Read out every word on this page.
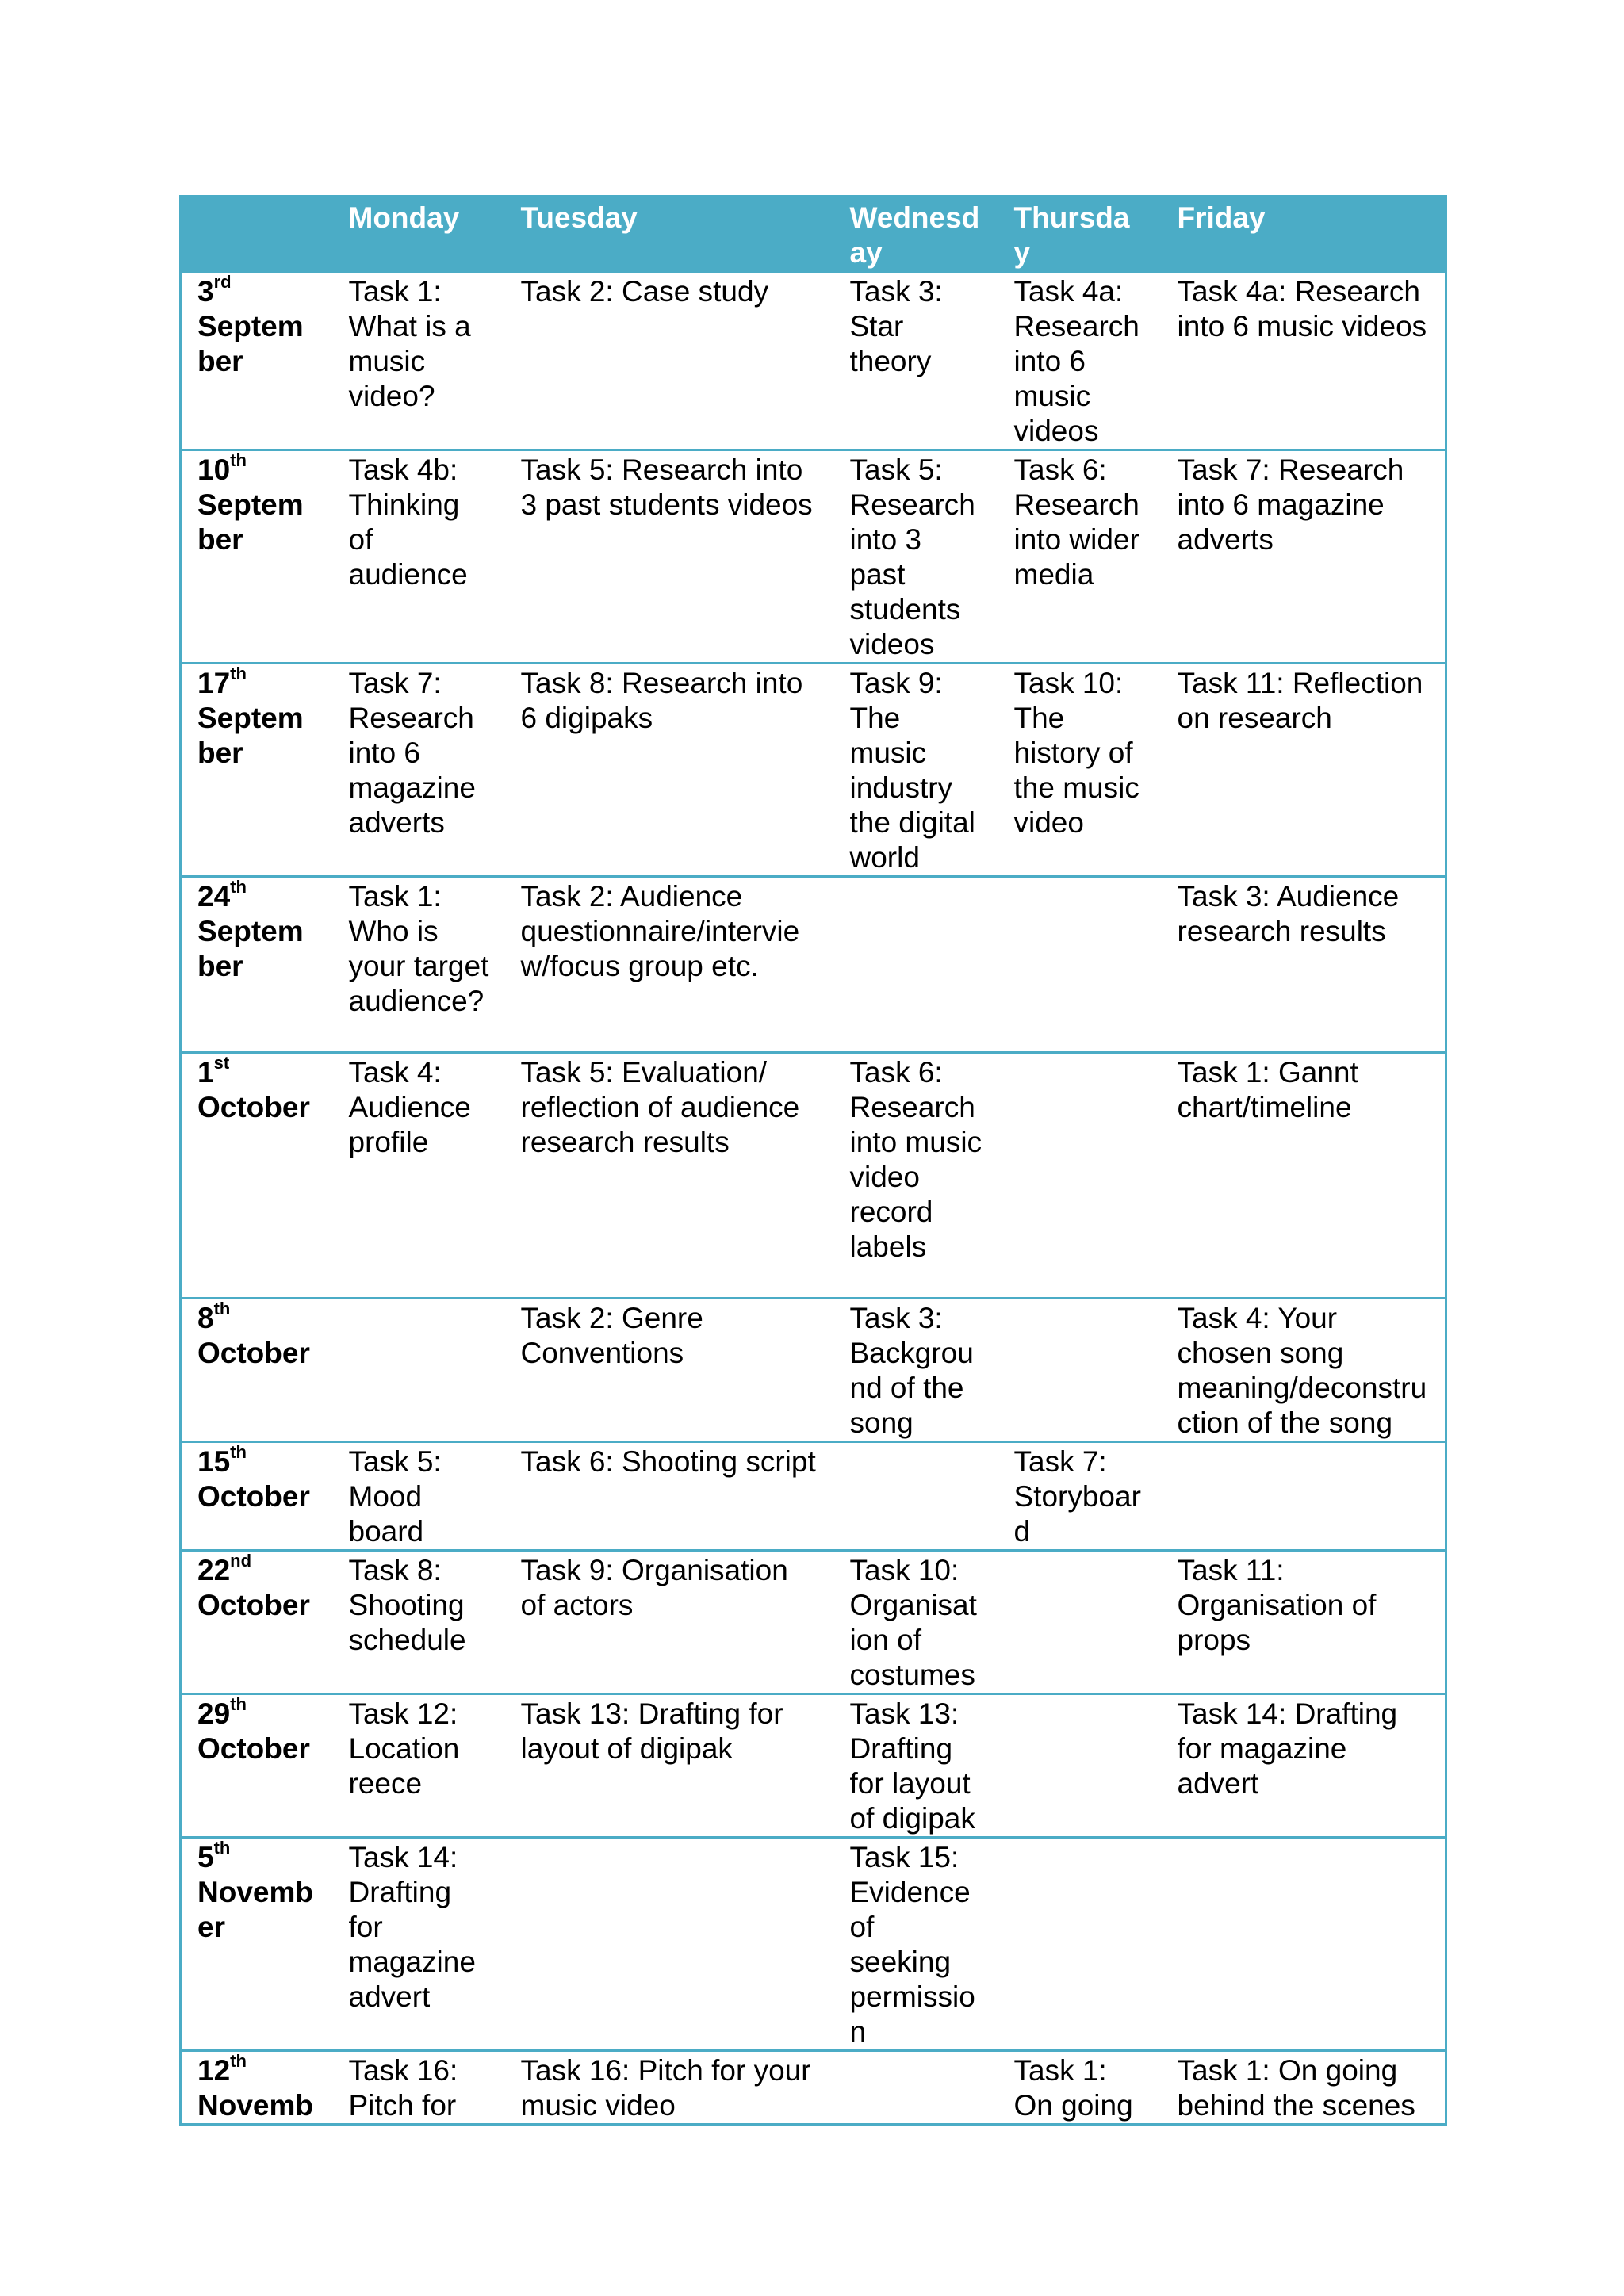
	Monday	Tuesday	Wednesday	Thursday	Friday
3rd
September	Task 1: What is a music video?	Task 2: Case study	Task 3: Star theory	Task 4a: Research into 6 music videos	Task 4a: Research into 6 music videos
10th
September	Task 4b: Thinking of audience	Task 5: Research into 3 past students videos	Task 5: Research into 3 past students videos	Task 6: Research into wider media	Task 7: Research into 6 magazine adverts
17th
September	Task 7: Research into 6 magazine adverts	Task 8: Research into 6 digipaks	Task 9: The music industry the digital world	Task 10: The history of the music video	Task 11: Reflection on research
24th
September	Task 1: Who is your target audience?	Task 2: Audience questionnaire/interview/focus group etc.			Task 3: Audience research results
1st
October	Task 4: Audience profile	Task 5: Evaluation/ reflection of audience research results	Task 6: Research into music video record labels		Task 1: Gannt chart/timeline
8th
October		Task 2: Genre Conventions	Task 3: Background of the song		Task 4: Your chosen song meaning/deconstruction of the song
15th
October	Task 5: Mood board	Task 6: Shooting script		Task 7: Storyboard	
22nd
October	Task 8: Shooting schedule	Task 9: Organisation of actors	Task 10: Organisation of costumes		Task 11: Organisation of props
29th
October	Task 12: Location reece	Task 13: Drafting for layout of digipak	Task 13: Drafting for layout of digipak		Task 14: Drafting for magazine advert
5th
November	Task 14: Drafting for magazine advert		Task 15: Evidence of seeking permission		
12th
Novemb	Task 16: Pitch for	Task 16: Pitch for your music video		Task 1: On going	Task 1: On going behind the scenes
